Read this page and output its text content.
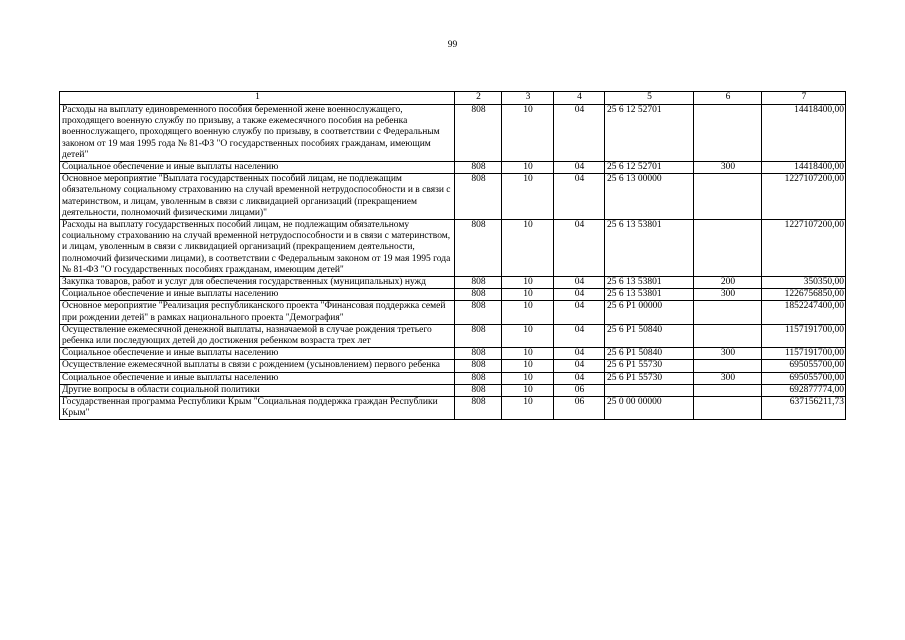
99
1	2	3	4	5	6	7
Расходы на выплату единовременного пособия беременной жене военнослужащего, проходящего военную службу по призыву, а также ежемесячного пособия на ребенка военнослужащего, проходящего военную службу по призыву, в соответствии с Федеральным законом от 19 мая 1995 года № 81-ФЗ "О государственных пособиях гражданам, имеющим детей"	808	10	04	25 6 12 52701		14418400,00
Социальное обеспечение и иные выплаты населению	808	10	04	25 6 12 52701	300	14418400,00
Основное мероприятие "Выплата государственных пособий лицам, не подлежащим обязательному социальному страхованию на случай временной нетрудоспособности и в связи с материнством, и лицам, уволенным в связи с ликвидацией организаций (прекращением деятельности, полномочий физическими лицами)"	808	10	04	25 6 13 00000		1227107200,00
Расходы на выплату государственных пособий лицам, не подлежащим обязательному социальному страхованию на случай временной нетрудоспособности и в связи с материнством, и лицам, уволенным в связи с ликвидацией организаций (прекращением деятельности, полномочий физическими лицами), в соответствии с Федеральным законом от 19 мая 1995 года № 81-ФЗ "О государственных пособиях гражданам, имеющим детей"	808	10	04	25 6 13 53801		1227107200,00
Закупка товаров, работ и услуг для обеспечения государственных (муниципальных) нужд	808	10	04	25 6 13 53801	200	350350,00
Социальное обеспечение и иные выплаты населению	808	10	04	25 6 13 53801	300	1226756850,00
Основное мероприятие "Реализация республиканского проекта "Финансовая поддержка семей при рождении детей" в рамках национального проекта "Демография"	808	10	04	25 6 P1 00000		1852247400,00
Осуществление ежемесячной денежной выплаты, назначаемой в случае рождения третьего ребенка или последующих детей до достижения ребенком возраста трех лет	808	10	04	25 6 P1 50840		1157191700,00
Социальное обеспечение и иные выплаты населению	808	10	04	25 6 P1 50840	300	1157191700,00
Осуществление ежемесячной выплаты в связи с рождением (усыновлением) первого ребенка	808	10	04	25 6 P1 55730		695055700,00
Социальное обеспечение и иные выплаты населению	808	10	04	25 6 P1 55730	300	695055700,00
Другие вопросы в области социальной политики	808	10	06			692877774,00
Государственная программа Республики Крым "Социальная поддержка граждан Республики Крым"	808	10	06	25 0 00 00000		637156211,73
